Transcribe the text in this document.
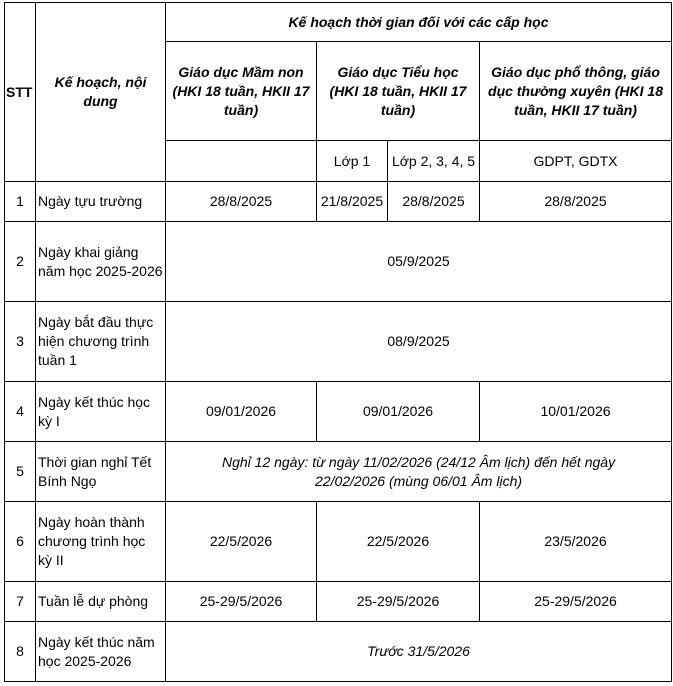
STT	Kế hoạch, nội dung	Kế hoạch thời gian đối với các cấp học			
		Giáo dục Mầm non (HKI 18 tuần, HKII 17 tuần)	Giáo dục Tiểu học (HKI 18 tuần, HKII 17 tuần)		Giáo dục phổ thông, giáo dục thường xuyên (HKI 18 tuần, HKII 17 tuần)
			Lớp 1	Lớp 2, 3, 4, 5	GDPT, GDTX
1	Ngày tựu trường	28/8/2025	21/8/2025	28/8/2025	28/8/2025
2	Ngày khai giảng năm học 2025-2026	05/9/2025			
3	Ngày bắt đầu thực hiện chương trình tuần 1	08/9/2025			
4	Ngày kết thúc học kỳ I	09/01/2026	09/01/2026		10/01/2026
5	Thời gian nghỉ Tết Bính Ngọ	Nghỉ 12 ngày: từ ngày 11/02/2026 (24/12 Âm lịch) đến hết ngày 22/02/2026 (mùng 06/01 Âm lịch)			
6	Ngày hoàn thành chương trình học kỳ II	22/5/2026	22/5/2026		23/5/2026
7	Tuần lễ dự phòng	25-29/5/2026	25-29/5/2026		25-29/5/2026
8	Ngày kết thúc năm học 2025-2026	Trước 31/5/2026			
